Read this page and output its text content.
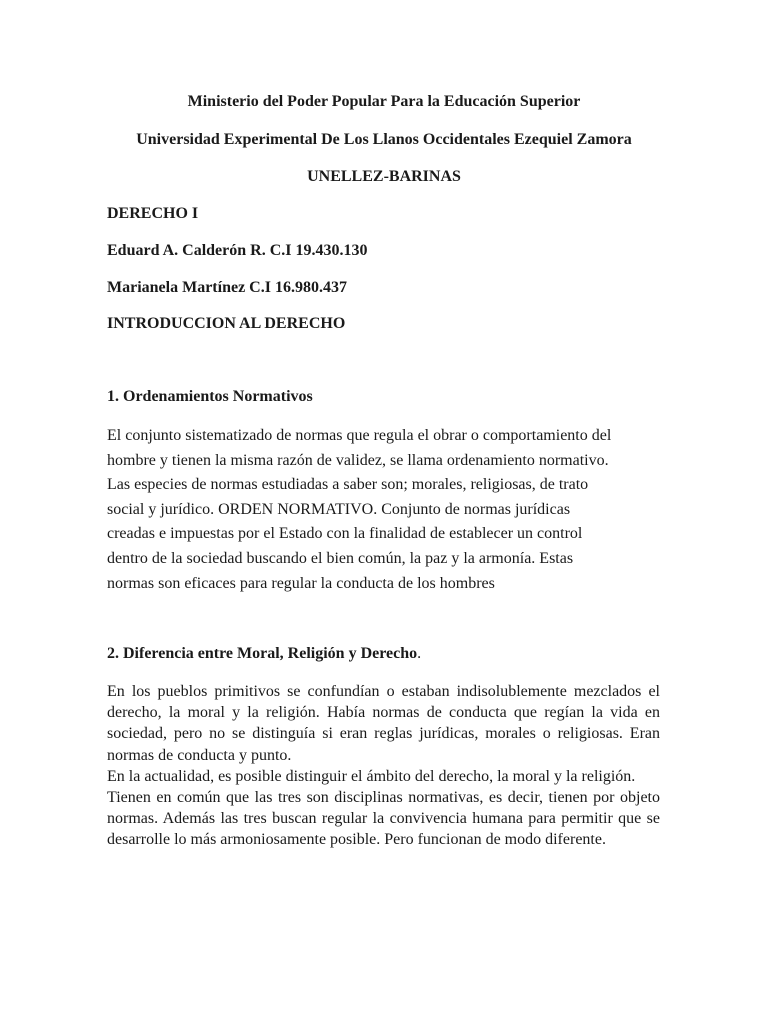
Ministerio del Poder Popular Para la Educación Superior
Universidad Experimental De Los Llanos Occidentales Ezequiel Zamora
UNELLEZ-BARINAS
DERECHO I
Eduard A. Calderón R. C.I 19.430.130
Marianela Martínez C.I 16.980.437
INTRODUCCION AL DERECHO
1. Ordenamientos Normativos
El conjunto sistematizado de normas que regula el obrar o comportamiento del
hombre y tienen la misma razón de validez, se llama ordenamiento normativo.
Las especies de normas estudiadas a saber son; morales, religiosas, de trato
social y jurídico. ORDEN NORMATIVO. Conjunto de normas jurídicas
creadas e impuestas por el Estado con la finalidad de establecer un control
dentro de la sociedad buscando el bien común, la paz y la armonía. Estas
normas son eficaces para regular la conducta de los hombres
2. Diferencia entre Moral, Religión y Derecho.

En los pueblos primitivos se confundían o estaban indisolublemente mezclados el derecho, la moral y la religión. Había normas de conducta que regían la vida en sociedad, pero no se distinguía si eran reglas jurídicas, morales o religiosas. Eran normas de conducta y punto.

En la actualidad, es posible distinguir el ámbito del derecho, la moral y la religión.

Tienen en común que las tres son disciplinas normativas, es decir, tienen por objeto normas. Además las tres buscan regular la convivencia humana para permitir que se desarrolle lo más armoniosamente posible. Pero funcionan de modo diferente.
